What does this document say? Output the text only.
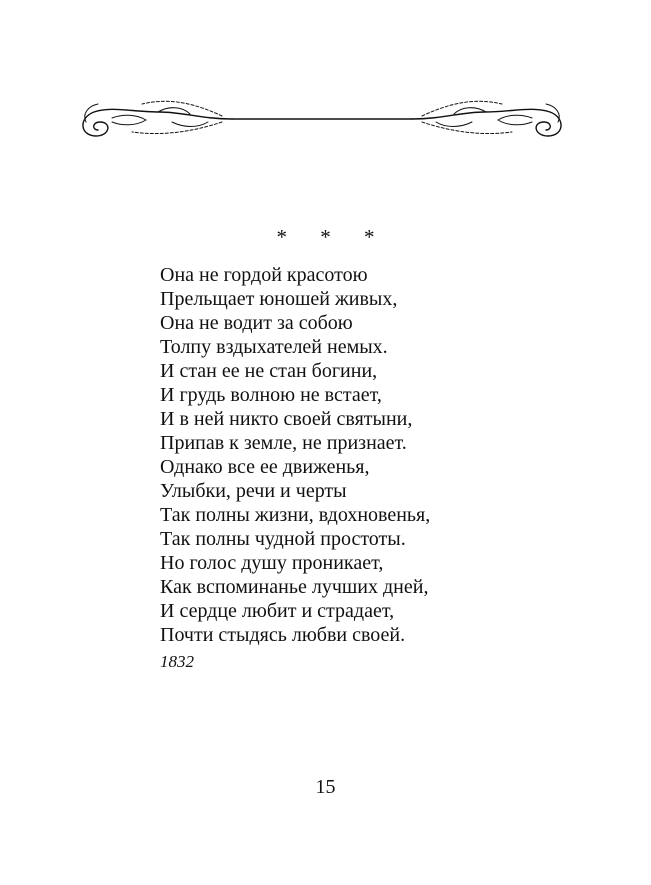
* * *
Она не гордой красотою
Прельщает юношей живых,
Она не водит за собою
Толпу вздыхателей немых.
И стан ее не стан богини,
И грудь волною не встает,
И в ней никто своей святыни,
Припав к земле, не признает.
Однако все ее движенья,
Улыбки, речи и черты
Так полны жизни, вдохновенья,
Так полны чудной простоты.
Но голос душу проникает,
Как вспоминанье лучших дней,
И сердце любит и страдает,
Почти стыдясь любви своей.
1832
15
